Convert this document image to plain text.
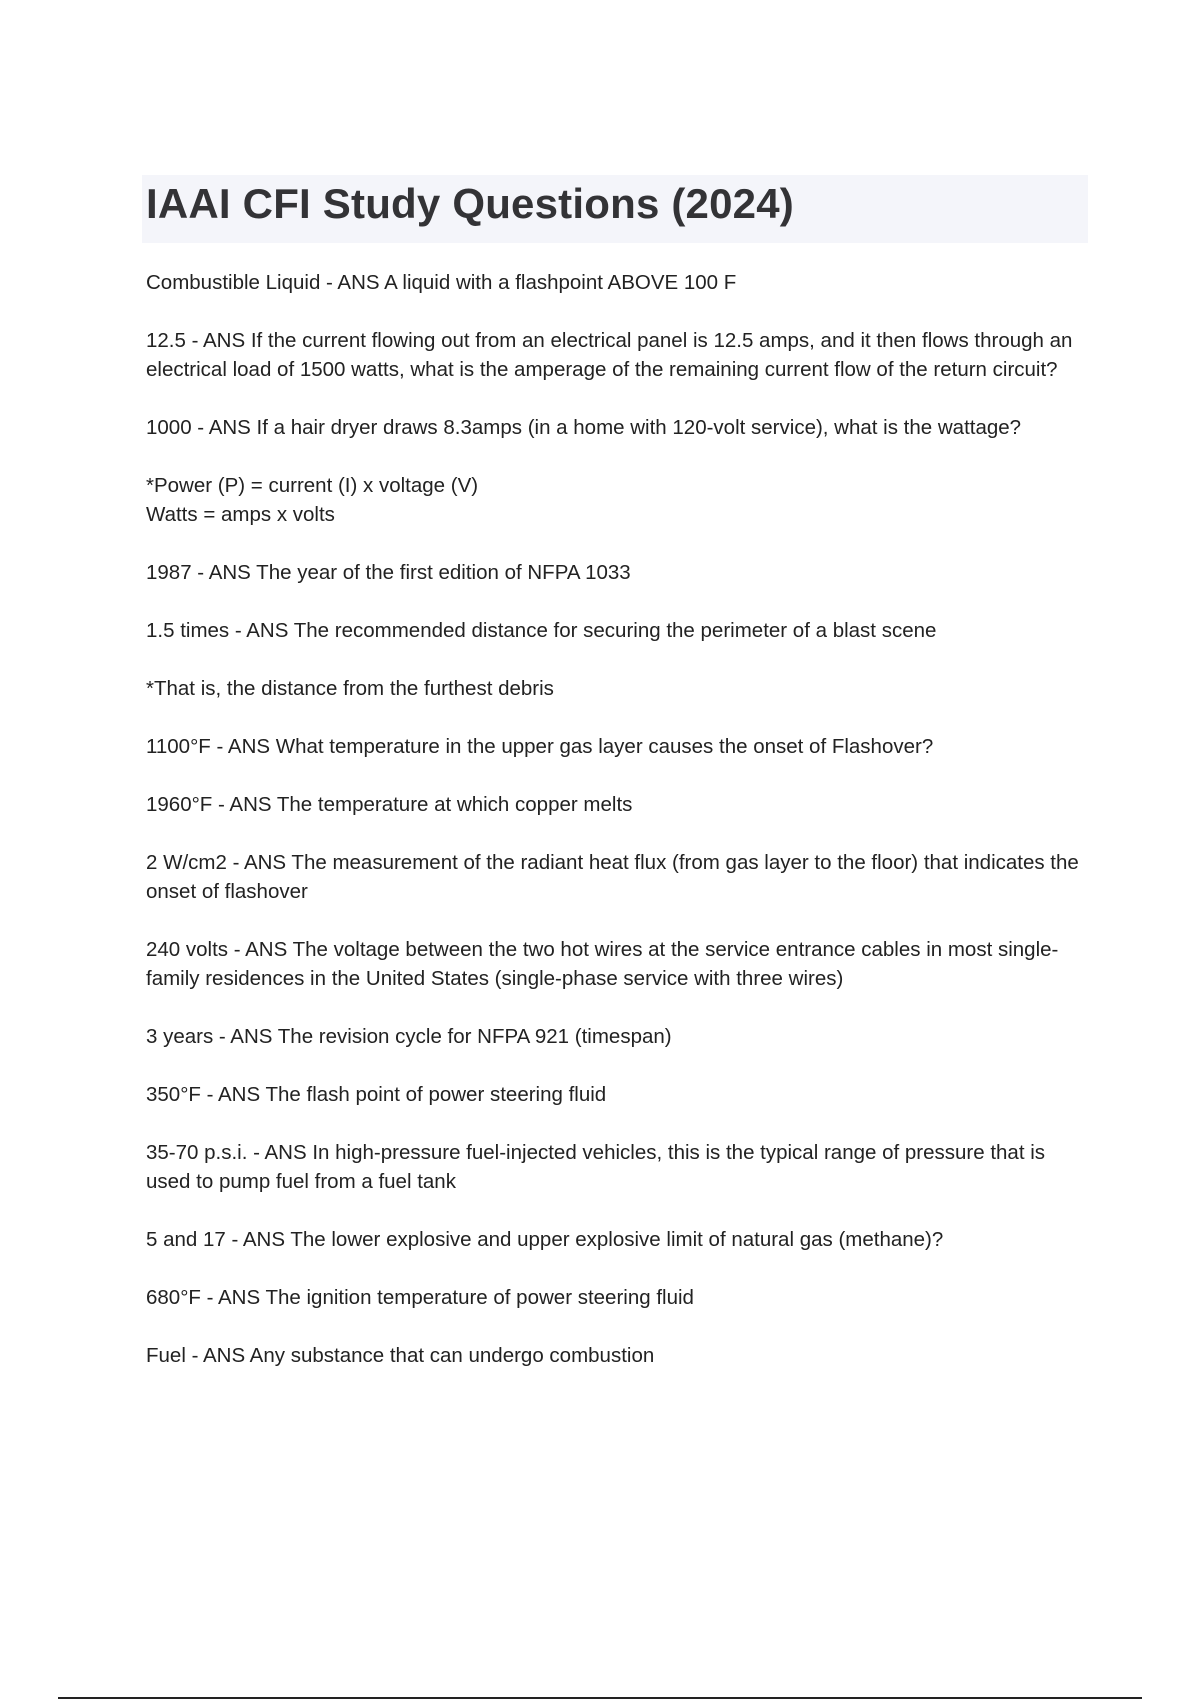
IAAI CFI Study Questions (2024)

Combustible Liquid - ANS A liquid with a flashpoint ABOVE 100 F

12.5 - ANS If the current flowing out from an electrical panel is 12.5 amps, and it then flows through an electrical load of 1500 watts, what is the amperage of the remaining current flow of the return circuit?

1000 - ANS If a hair dryer draws 8.3amps (in a home with 120-volt service), what is the wattage?

*Power (P) = current (I) x voltage (V)

Watts = amps x volts

1987 - ANS The year of the first edition of NFPA 1033

1.5 times - ANS The recommended distance for securing the perimeter of a blast scene

*That is, the distance from the furthest debris

1100°F - ANS What temperature in the upper gas layer causes the onset of Flashover?

1960°F - ANS The temperature at which copper melts

2 W/cm2 - ANS The measurement of the radiant heat flux (from gas layer to the floor) that indicates the onset of flashover

240 volts - ANS The voltage between the two hot wires at the service entrance cables in most single-family residences in the United States (single-phase service with three wires)

3 years - ANS The revision cycle for NFPA 921 (timespan)

350°F - ANS The flash point of power steering fluid

35-70 p.s.i. - ANS In high-pressure fuel-injected vehicles, this is the typical range of pressure that is used to pump fuel from a fuel tank

5 and 17 - ANS The lower explosive and upper explosive limit of natural gas (methane)?

680°F - ANS The ignition temperature of power steering fluid

Fuel - ANS Any substance that can undergo combustion
